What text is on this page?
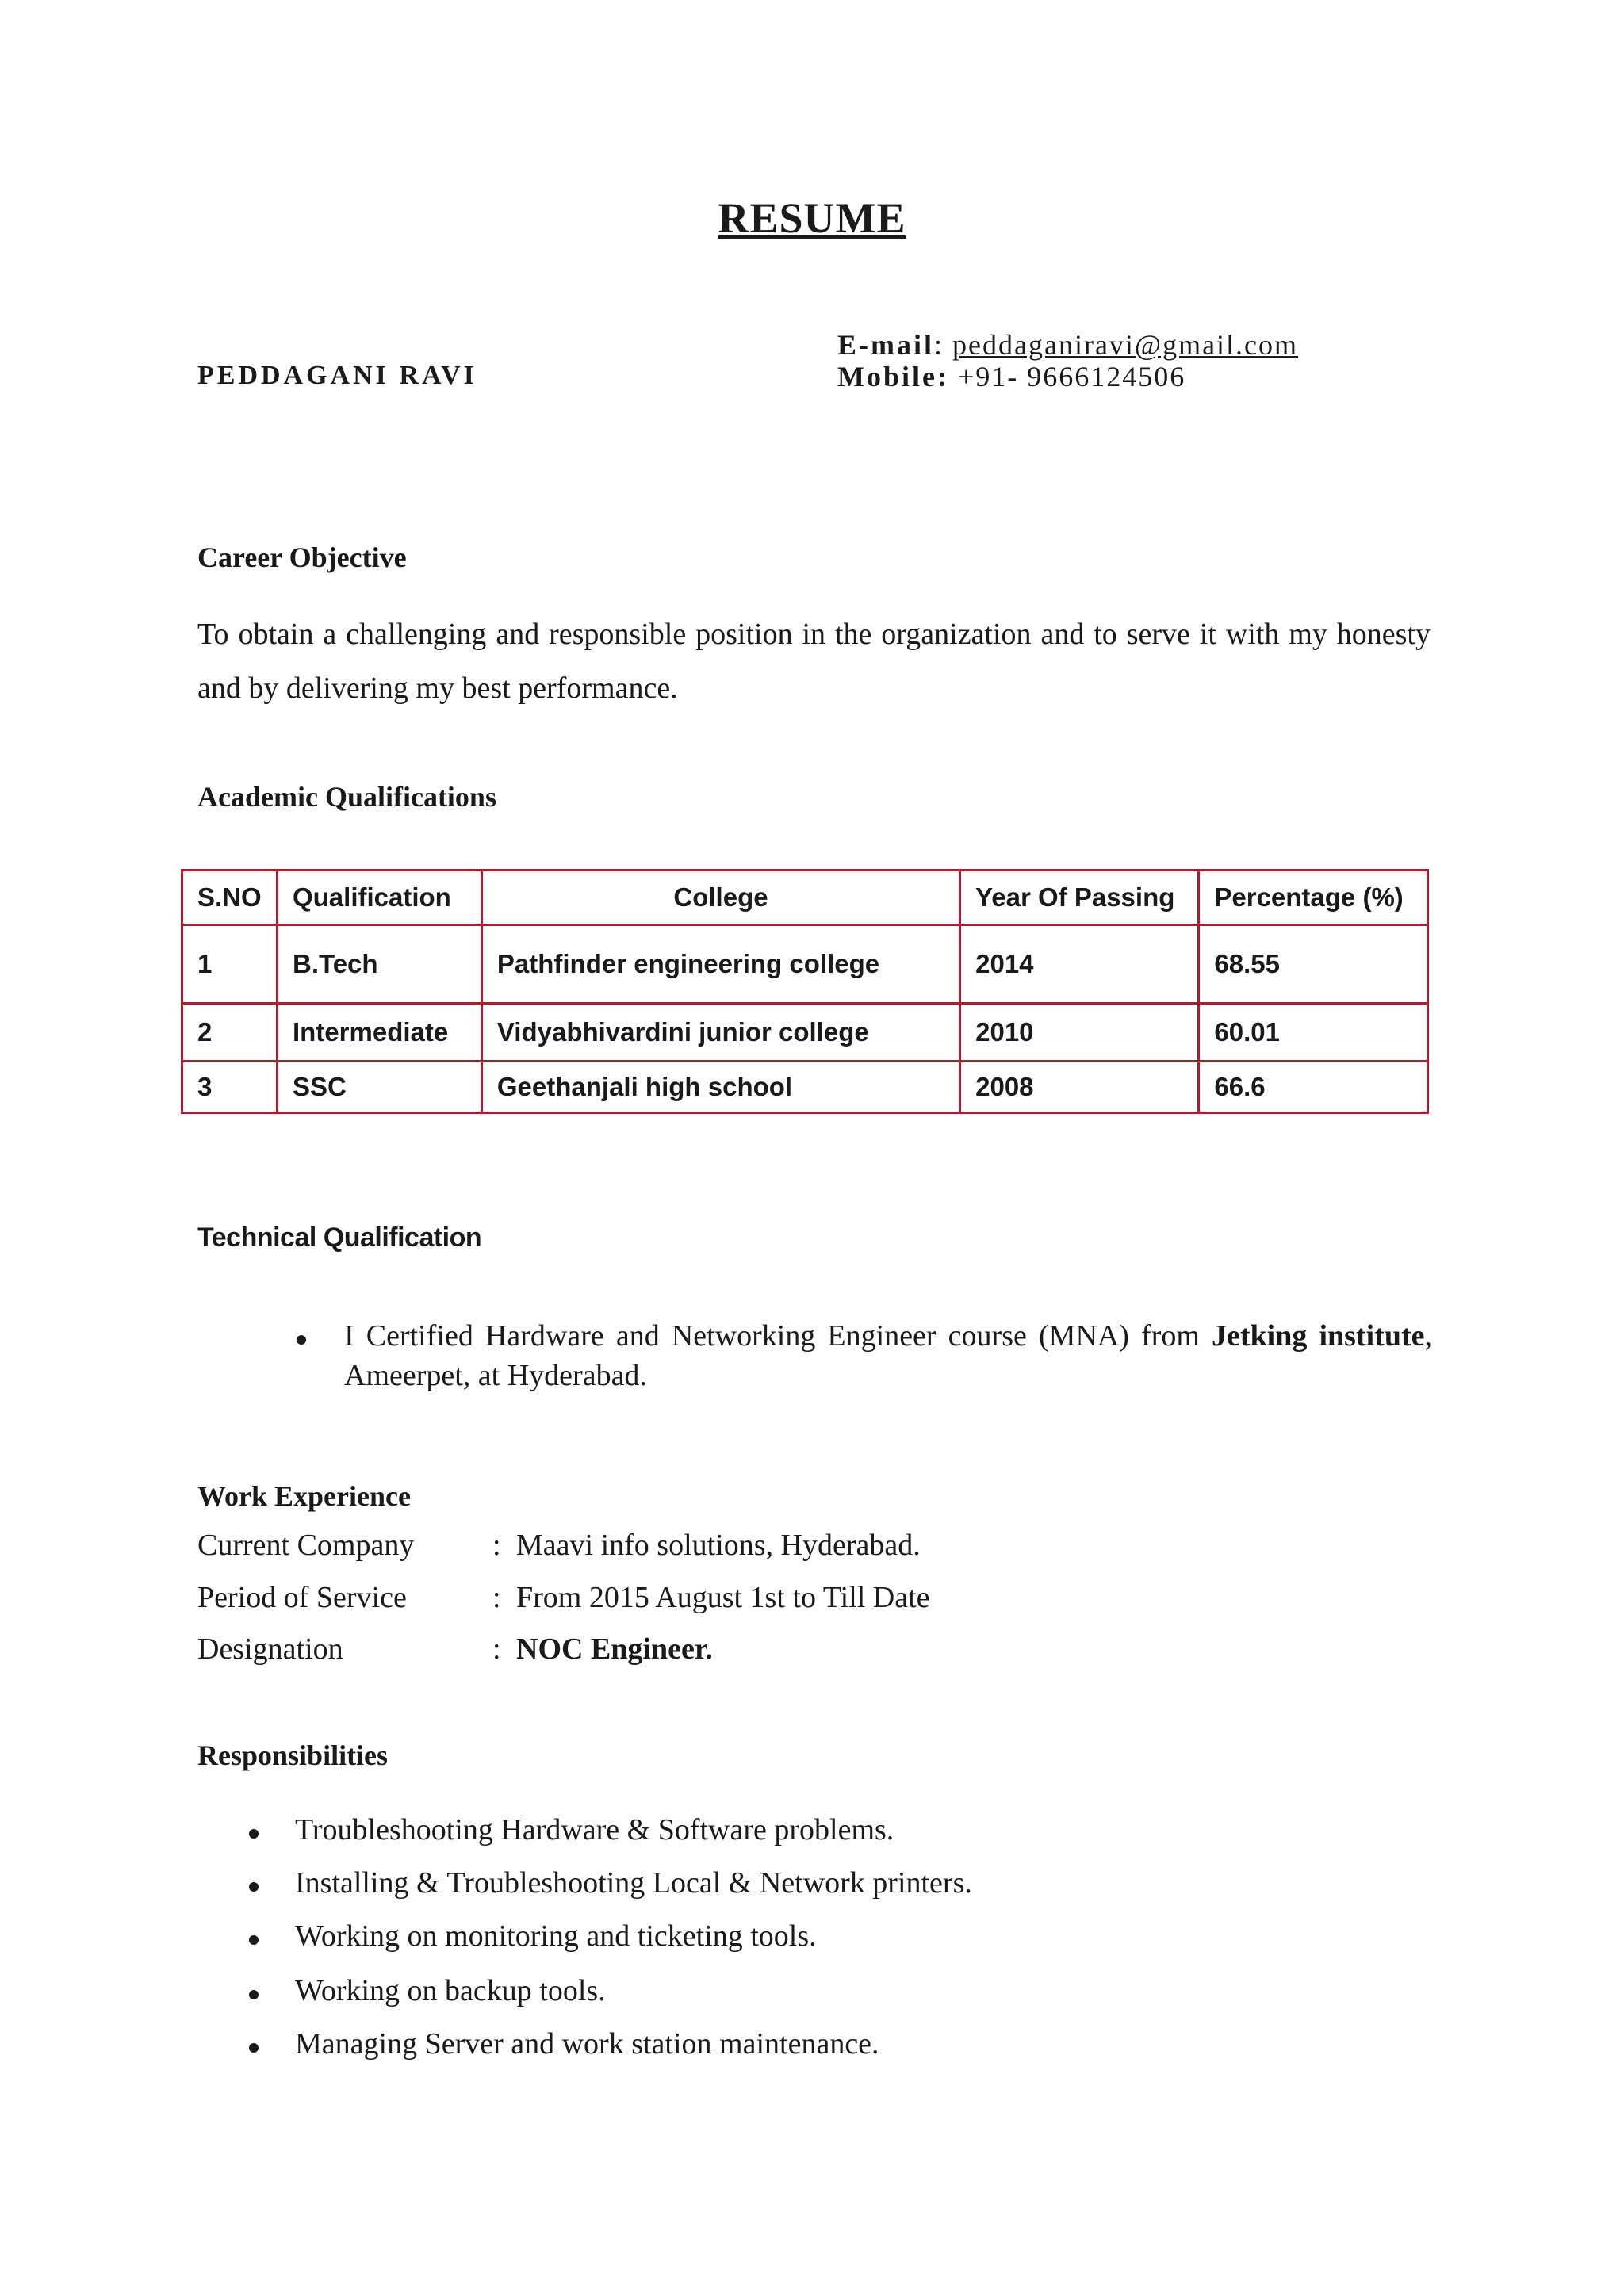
RESUME
PEDDAGANI RAVI
E-mail: peddaganiravi@gmail.com
Mobile: +91- 9666124506
Career Objective
To obtain a challenging and responsible position in the organization and to serve it with my honesty and by delivering my best performance.
Academic Qualifications
S.NO	Qualification	College	Year Of Passing	Percentage (%)
1	B.Tech	Pathfinder engineering college	2014	68.55
2	Intermediate	Vidyabhivardini junior college	2010	60.01
3	SSC	Geethanjali high school	2008	66.6
Technical Qualification
I Certified Hardware and Networking Engineer course (MNA) from Jetking institute, Ameerpet, at Hyderabad.
Work Experience
Current Company	: Maavi info solutions, Hyderabad.
Period of Service	: From 2015 August 1st to Till Date
Designation	: NOC Engineer.
Responsibilities
Troubleshooting Hardware & Software problems.
Installing & Troubleshooting Local & Network printers.
Working on monitoring and ticketing tools.
Working on backup tools.
Managing Server and work station maintenance.
